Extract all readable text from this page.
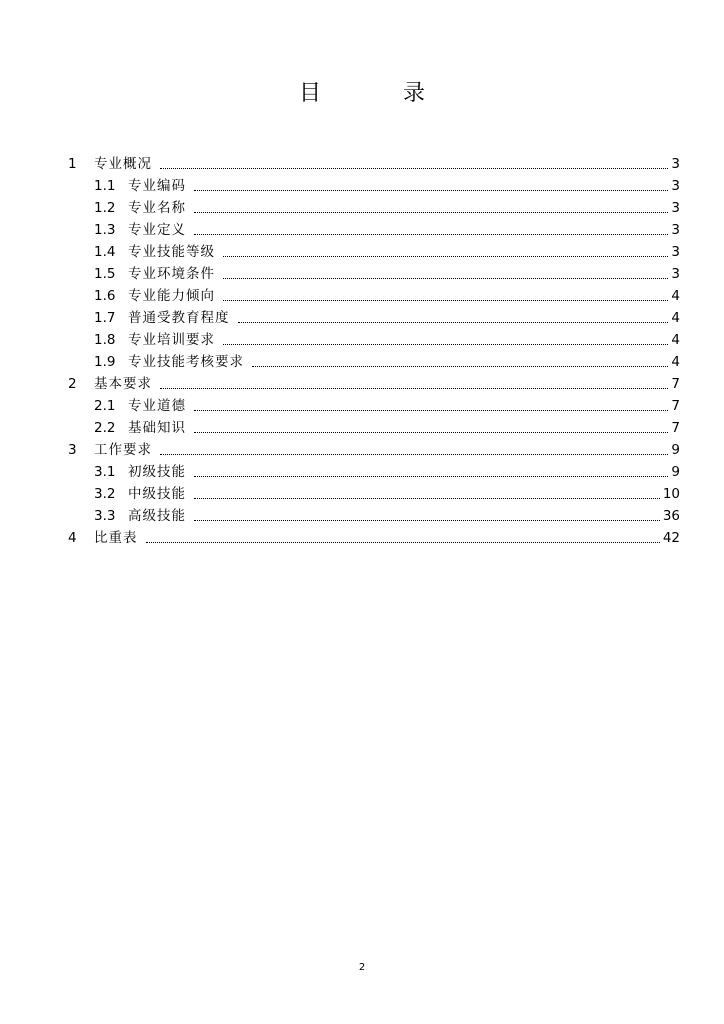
目　录
1	专业概况	3
1.1 专业编码	3
1.2 专业名称	3
1.3 专业定义	3
1.4 专业技能等级	3
1.5 专业环境条件	3
1.6 专业能力倾向	4
1.7 普通受教育程度	4
1.8 专业培训要求	4
1.9 专业技能考核要求	4
2	基本要求	7
2.1 专业道德	7
2.2 基础知识	7
3	工作要求	9
3.1 初级技能	9
3.2 中级技能	10
3.3 高级技能	36
4	比重表	42
2
